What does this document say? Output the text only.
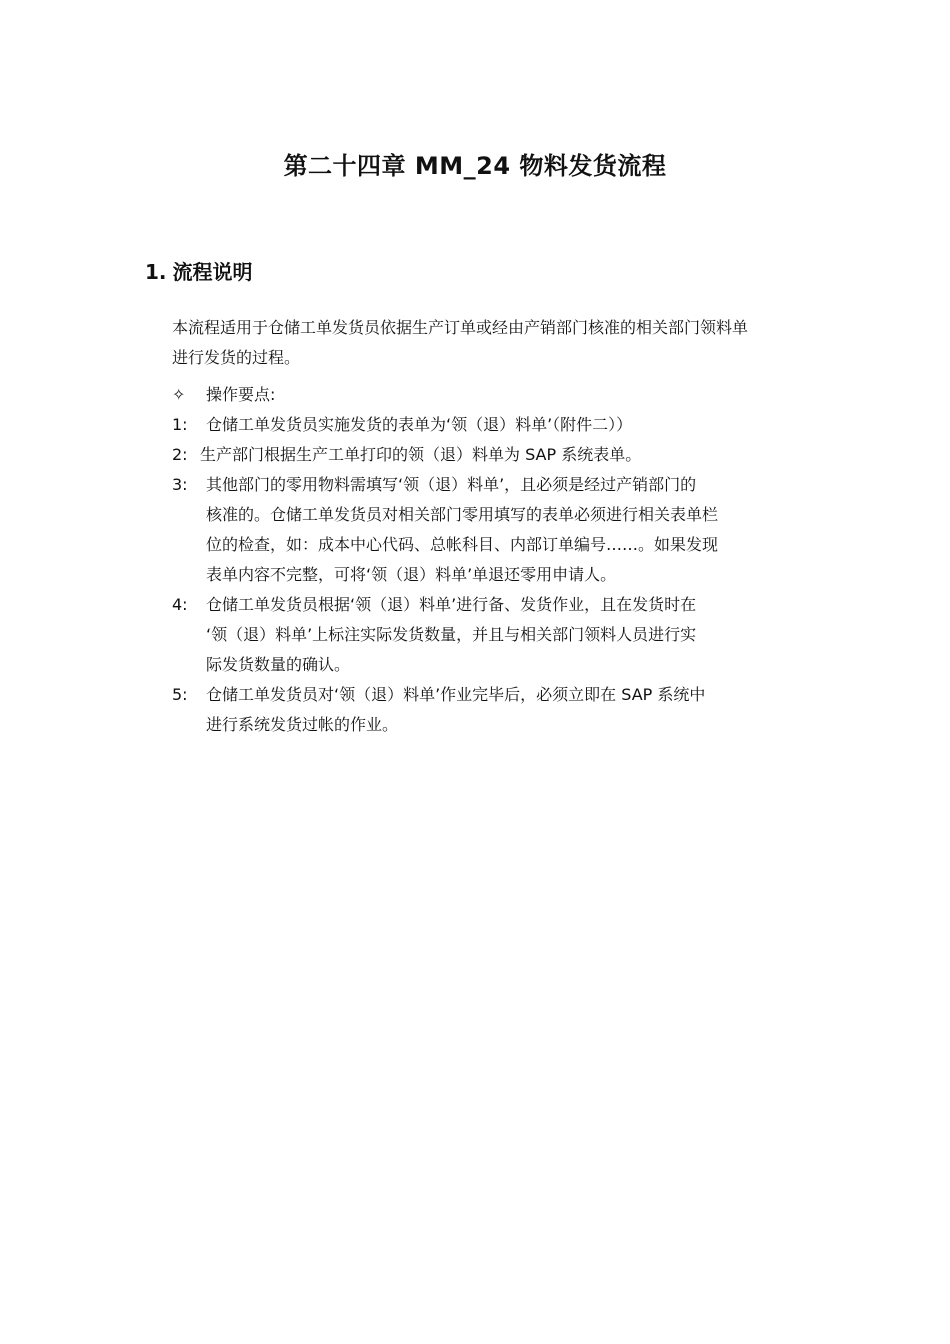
第二十四章 MM_24 物料发货流程
1. 流程说明
本流程适用于仓储工单发货员依据生产订单或经由产销部门核准的相关部门领料单
进行发货的过程。
✧ 操作要点:
1: 仓储工单发货员实施发货的表单为‘领（退）料单’（附件二））
2: 生产部门根据生产工单打印的领（退）料单为 SAP 系统表单。
3: 其他部门的零用物料需填写‘领（退）料单’，且必须是经过产销部门的
核准的。仓储工单发货员对相关部门零用填写的表单必须进行相关表单栏
位的检查，如：成本中心代码、总帐科目、内部订单编号……。如果发现
表单内容不完整，可将‘领（退）料单’单退还零用申请人。
4: 仓储工单发货员根据‘领（退）料单’进行备、发货作业，且在发货时在
‘领（退）料单’上标注实际发货数量，并且与相关部门领料人员进行实
际发货数量的确认。
5: 仓储工单发货员对‘领（退）料单’作业完毕后，必须立即在 SAP 系统中
进行系统发货过帐的作业。
